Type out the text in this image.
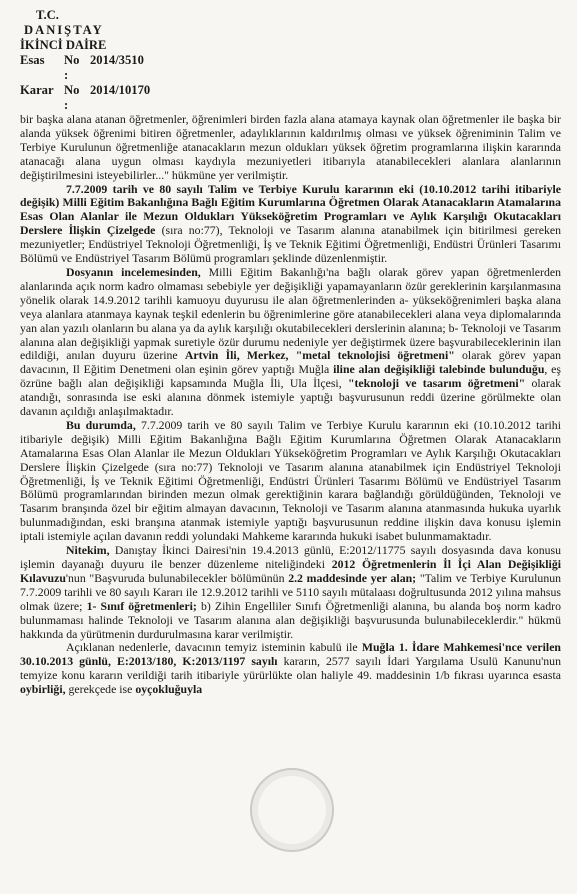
T.C.
DANIŞTAY
İKİNCİ DAİRE
Esas	No :
2014/3510
Karar No :
2014/10170

bir başka alana atanan öğretmenler, öğrenimleri birden fazla alana atamaya kaynak olan öğretmenler ile başka bir alanda yüksek öğrenimi bitiren öğretmenler, adaylıklarının kaldırılmış olması ve yüksek öğreniminin Talim ve Terbiye Kurulunun öğretmenliğe atanacakların mezun oldukları yüksek öğretim programlarına ilişkin kararında atanacağı alana uygun olması kaydıyla mezuniyetleri itibarıyla atanabilecekleri alanlara alanlarının değiştirilmesini isteyebilirler..." hükmüne yer verilmiştir.

7.7.2009 tarih ve 80 sayılı Talim ve Terbiye Kurulu kararının eki (10.10.2012 tarihi itibariyle değişik) Milli Eğitim Bakanlığına Bağlı Eğitim Kurumlarına Öğretmen Olarak Atanacakların Atamalarına Esas Olan Alanlar ile Mezun Oldukları Yükseköğretim Programları ve Aylık Karşılığı Okutacakları Derslere İlişkin Çizelgede (sıra no:77), Teknoloji ve Tasarım alanına atanabilmek için bitirilmesi gereken mezuniyetler; Endüstriyel Teknoloji Öğretmenliği, İş ve Teknik Eğitimi Öğretmenliği, Endüstri Ürünleri Tasarımı Bölümü ve Endüstriyel Tasarım Bölümü programları şeklinde düzenlenmiştir.

Dosyanın incelemesinden, Milli Eğitim Bakanlığı'na bağlı olarak görev yapan öğretmenlerden alanlarında açık norm kadro olmaması sebebiyle yer değişikliği yapamayanların özür gereklerinin karşılanmasına yönelik olarak 14.9.2012 tarihli kamuoyu duyurusu ile alan öğretmenlerinden a- yükseköğrenimleri başka alana veya alanlara atanmaya kaynak teşkil edenlerin bu öğrenimlerine göre atanabilecekleri alana veya diplomalarında yan alan yazılı olanların bu alana ya da aylık karşılığı okutabilecekleri derslerinin alanına; b- Teknoloji ve Tasarım alanına alan değişikliği yapmak suretiyle özür durumu nedeniyle yer değiştirmek üzere başvurabileceklerinin ilan edildiği, anılan duyuru üzerine Artvin İli, Merkez, "metal teknolojisi öğretmeni" olarak görev yapan davacının, Il Eğitim Denetmeni olan eşinin görev yaptığı Muğla iline alan değişikliği talebinde bulunduğu, eş özrüne bağlı alan değişikliği kapsamında Muğla İli, Ula İlçesi, "teknoloji ve tasarım öğretmeni" olarak atandığı, sonrasında ise eski alanına dönmek istemiyle yaptığı başvurusunun reddi üzerine görülmekte olan davanın açıldığı anlaşılmaktadır.

Bu durumda, 7.7.2009 tarih ve 80 sayılı Talim ve Terbiye Kurulu kararının eki (10.10.2012 tarihi itibariyle değişik) Milli Eğitim Bakanlığına Bağlı Eğitim Kurumlarına Öğretmen Olarak Atanacakların Atamalarına Esas Olan Alanlar ile Mezun Oldukları Yükseköğretim Programları ve Aylık Karşılığı Okutacakları Derslere İlişkin Çizelgede (sıra no:77) Teknoloji ve Tasarım alanına atanabilmek için Endüstriyel Teknoloji Öğretmenliği, İş ve Teknik Eğitimi Öğretmenliği, Endüstri Ürünleri Tasarımı Bölümü ve Endüstriyel Tasarım Bölümü programlarından birinden mezun olmak gerektiğinin karara bağlandığı görüldüğünden, Teknoloji ve Tasarım branşında özel bir eğitim almayan davacının, Teknoloji ve Tasarım alanına atanmasında hukuka uyarlık bulunmadığından, eski branşına atanmak istemiyle yaptığı başvurusunun reddine ilişkin dava konusu işlemin iptali istemiyle açılan davanın reddi yolundaki Mahkeme kararında hukuki isabet bulunmamaktadır.

Nitekim, Danıştay İkinci Dairesi'nin 19.4.2013 günlü, E:2012/11775 sayılı dosyasında dava konusu işlemin dayanağı duyuru ile benzer düzenleme niteliğindeki 2012 Öğretmenlerin İl İçi Alan Değişikliği Kılavuzu'nun "Başvuruda bulunabilecekler bölümünün 2.2 maddesinde yer alan; "Talim ve Terbiye Kurulunun 7.7.2009 tarihli ve 80 sayılı Kararı ile 12.9.2012 tarihli ve 5110 sayılı mütalaası doğrultusunda 2012 yılına mahsus olmak üzere; 1- Sınıf öğretmenleri; b) Zihin Engelliler Sınıfı Öğretmenliği alanına, bu alanda boş norm kadro bulunmaması halinde Teknoloji ve Tasarım alanına alan değişikliği başvurusunda bulunabileceklerdir." hükmü hakkında da yürütmenin durdurulmasına karar verilmiştir.

Açıklanan nedenlerle, davacının temyiz isteminin kabulü ile Muğla 1. İdare Mahkemesi'nce verilen 30.10.2013 günlü, E:2013/180, K:2013/1197 sayılı kararın, 2577 sayılı İdari Yargılama Usulü Kanunu'nun temyize konu kararın verildiği tarih itibariyle yürürlükte olan haliyle 49. maddesinin 1/b fıkrası uyarınca esasta oybirliği, gerekçede ise oyçokluğuyla
